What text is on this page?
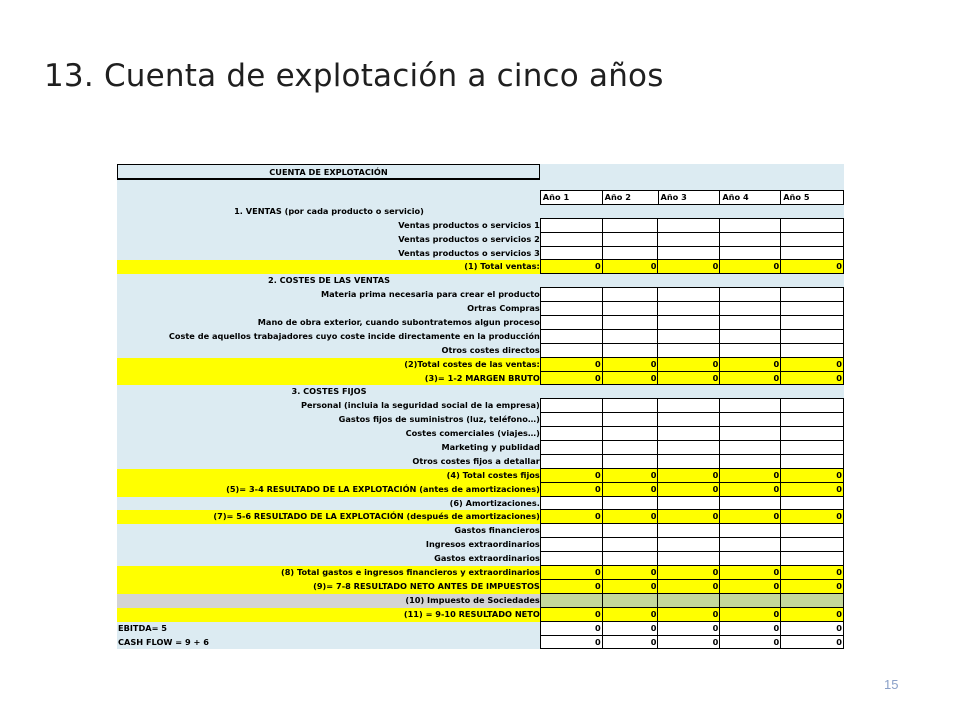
13. Cuenta de explotación a cinco años
CUENTA DE EXPLOTACIÓN
Año 1	Año 2	Año 3	Año 4	Año 5
1. VENTAS (por cada producto o servicio)
Ventas productos o servicios 1
Ventas productos o servicios 2
Ventas productos o servicios 3
(1) Total ventas:	0	0	0	0	0
2. COSTES DE LAS VENTAS
Materia prima necesaria para crear el producto
Ortras Compras
Mano de obra exterior, cuando subontratemos algun proceso
Coste de aquellos trabajadores cuyo coste incide directamente en la producción
Otros costes directos
(2)Total costes de las ventas:	0	0	0	0	0
(3)= 1-2 MARGEN BRUTO	0	0	0	0	0
3. COSTES FIJOS
Personal (incluia la seguridad social de la empresa)
Gastos fijos de suministros (luz, teléfono…)
Costes comerciales (viajes…)
Marketing y publidad
Otros costes fijos a detallar
(4) Total costes fijos	0	0	0	0	0
(5)= 3-4 RESULTADO DE LA EXPLOTACIÓN (antes de amortizaciones)	0	0	0	0	0
(6) Amortizaciones.
(7)= 5-6 RESULTADO DE LA EXPLOTACIÓN (después de amortizaciones)	0	0	0	0	0
Gastos financieros
Ingresos extraordinarios
Gastos extraordinarios
(8) Total gastos e ingresos financieros y extraordinarios	0	0	0	0	0
(9)= 7-8 RESULTADO NETO ANTES DE IMPUESTOS	0	0	0	0	0
(10) Impuesto de Sociedades
(11) = 9-10 RESULTADO NETO	0	0	0	0	0
EBITDA= 5	0	0	0	0	0
CASH FLOW = 9 + 6	0	0	0	0	0
15
